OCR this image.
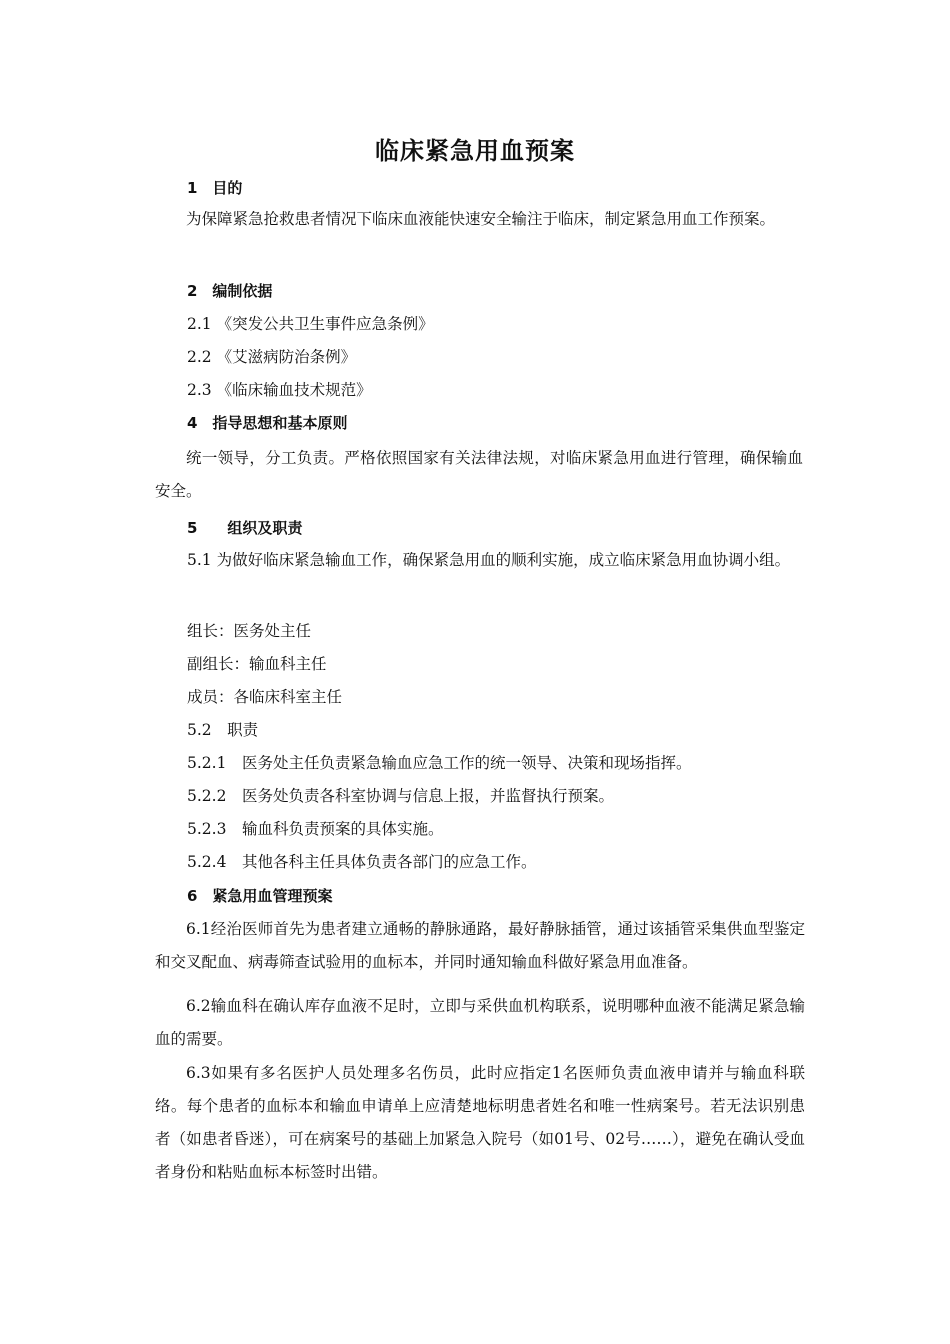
临床紧急用血预案

1　目的

为保障紧急抢救患者情况下临床血液能快速安全输注于临床，制定紧急用血工作预案。

2　编制依据

2.1 《突发公共卫生事件应急条例》

2.2 《艾滋病防治条例》

2.3 《临床输血技术规范》

4　指导思想和基本原则

统一领导，分工负责。严格依照国家有关法律法规，对临床紧急用血进行管理，确保输血安全。

5　　组织及职责

5.1 为做好临床紧急输血工作，确保紧急用血的顺利实施，成立临床紧急用血协调小组。

组长：医务处主任

副组长：输血科主任

成员：各临床科室主任

5.2　职责

5.2.1　医务处主任负责紧急输血应急工作的统一领导、决策和现场指挥。

5.2.2　医务处负责各科室协调与信息上报，并监督执行预案。

5.2.3　输血科负责预案的具体实施。

5.2.4　其他各科主任具体负责各部门的应急工作。

6　紧急用血管理预案

6.1经治医师首先为患者建立通畅的静脉通路，最好静脉插管，通过该插管采集供血型鉴定和交叉配血、病毒筛查试验用的血标本，并同时通知输血科做好紧急用血准备。

6.2输血科在确认库存血液不足时，立即与采供血机构联系，说明哪种血液不能满足紧急输血的需要。

6.3如果有多名医护人员处理多名伤员，此时应指定1名医师负责血液申请并与输血科联络。每个患者的血标本和输血申请单上应清楚地标明患者姓名和唯一性病案号。若无法识别患者（如患者昏迷），可在病案号的基础上加紧急入院号（如01号、02号……），避免在确认受血者身份和粘贴血标本标签时出错。
